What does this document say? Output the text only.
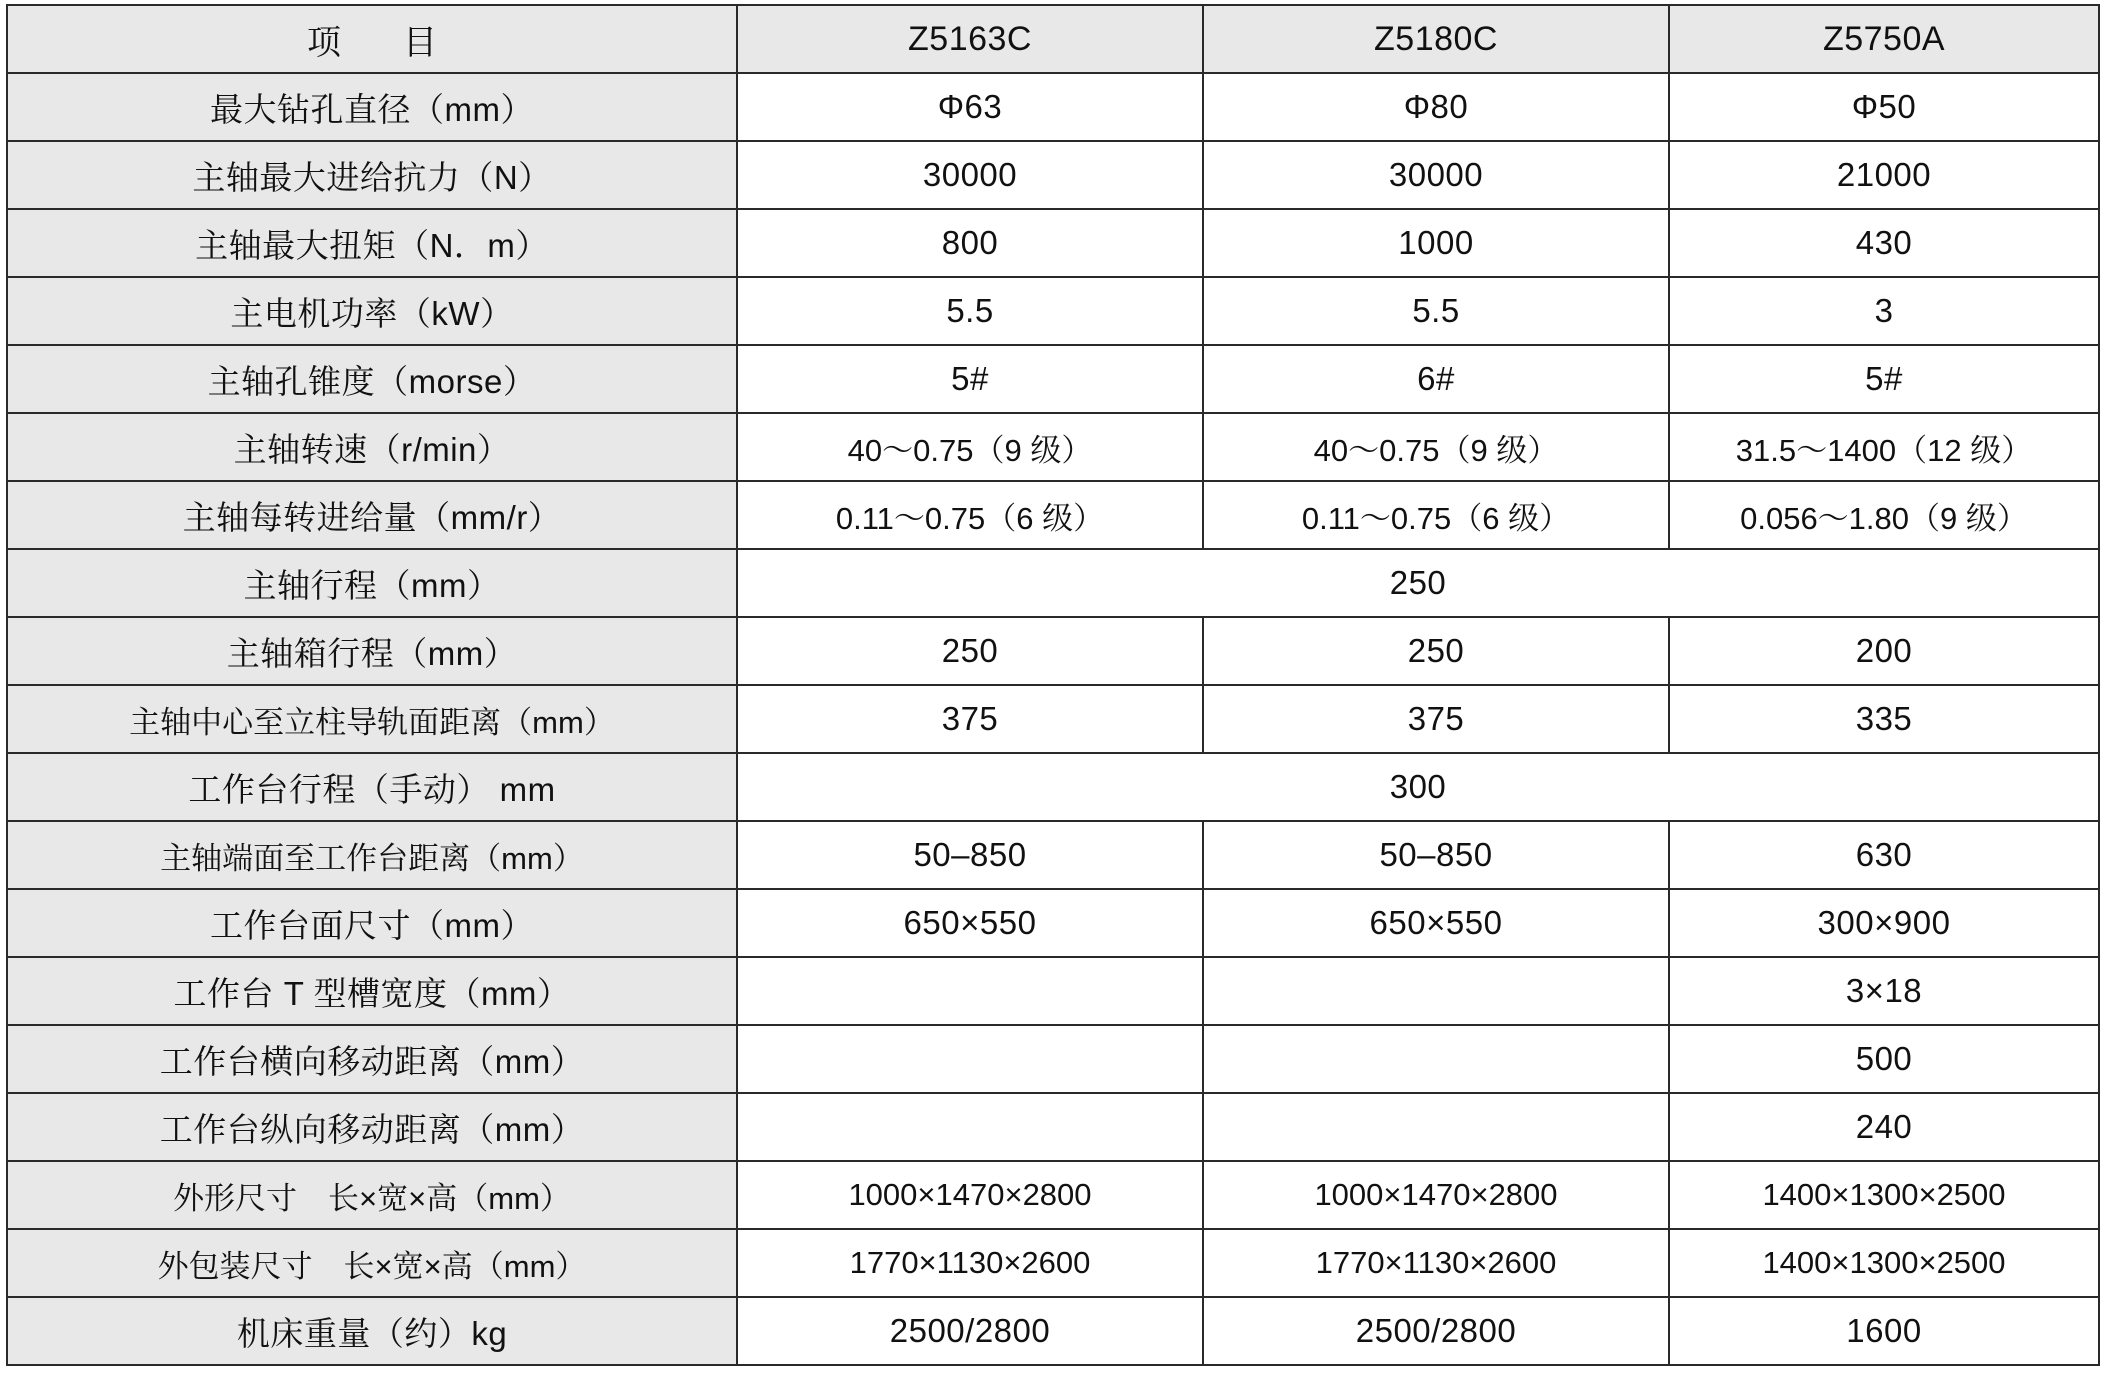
项　目	Z5163C	Z5180C	Z5750A
最大钻孔直径（mm）	Φ63	Φ80	Φ50
主轴最大进给抗力（N）	30000	30000	21000
主轴最大扭矩（N．m）	800	1000	430
主电机功率（kW）	5.5	5.5	3
主轴孔锥度（morse）	5#	6#	5#
主轴转速（r/min）	40～0.75（9 级）	40～0.75（9 级）	31.5～1400（12 级）
主轴每转进给量（mm/r）	0.11～0.75（6 级）	0.11～0.75（6 级）	0.056～1.80（9 级）
主轴行程（mm）	250		
主轴箱行程（mm）	250	250	200
主轴中心至立柱导轨面距离（mm）	375	375	335
工作台行程（手动） mm	300		
主轴端面至工作台距离（mm）	50–850	50–850	630
工作台面尺寸（mm）	650×550	650×550	300×900
工作台 T 型槽宽度（mm）			3×18
工作台横向移动距离（mm）			500
工作台纵向移动距离（mm）			240
外形尺寸　长×宽×高（mm）	1000×1470×2800	1000×1470×2800	1400×1300×2500
外包装尺寸　长×宽×高（mm）	1770×1130×2600	1770×1130×2600	1400×1300×2500
机床重量（约）kg	2500/2800	2500/2800	1600
